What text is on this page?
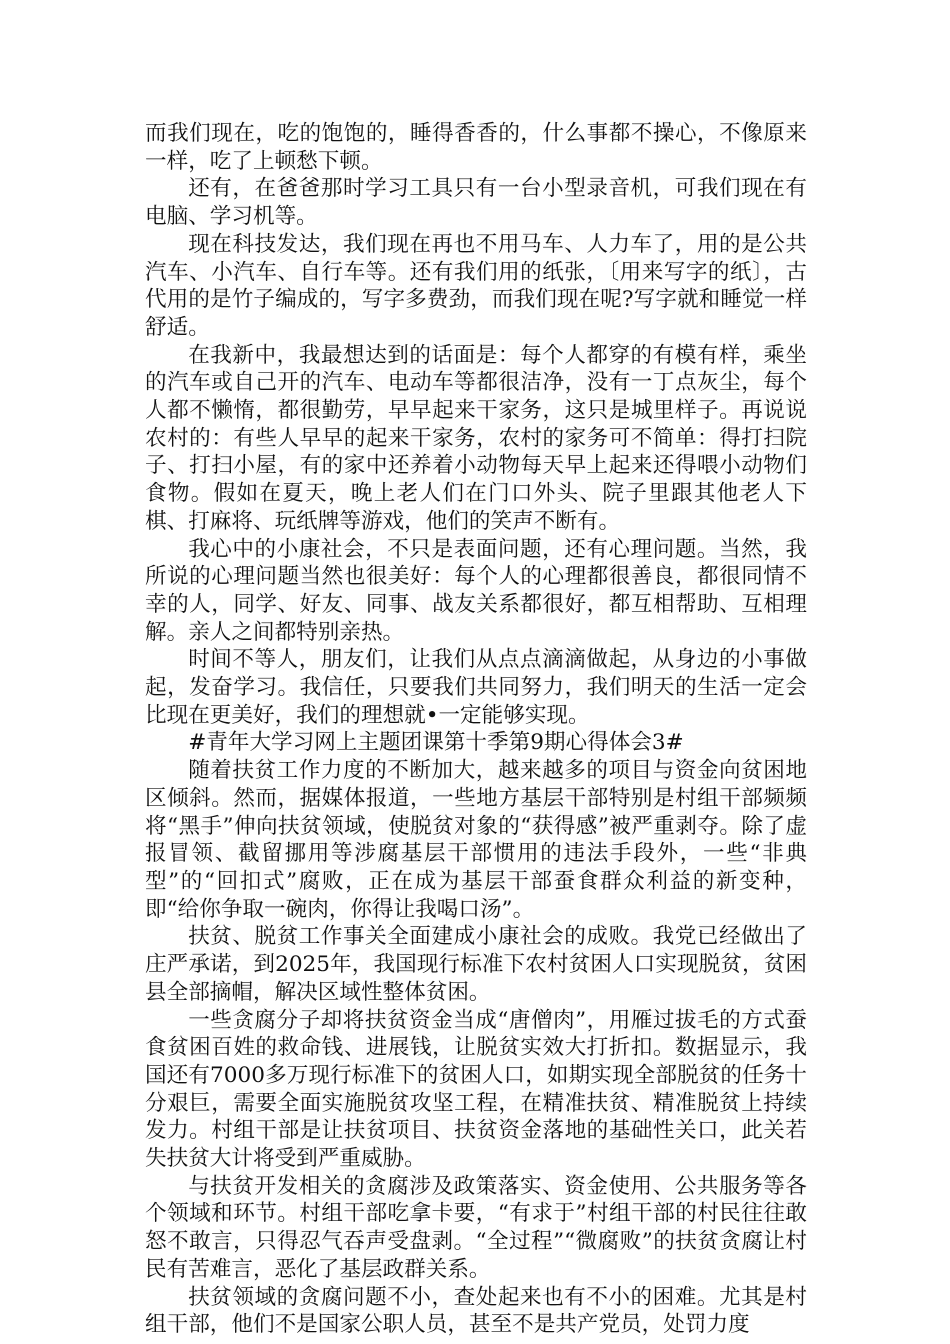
而我们现在，吃的饱饱的，睡得香香的，什么事都不操心，不像原来一样，吃了上顿愁下顿。

还有，在爸爸那时学习工具只有一台小型录音机，可我们现在有电脑、学习机等。

现在科技发达，我们现在再也不用马车、人力车了，用的是公共汽车、小汽车、自行车等。还有我们用的纸张，〔用来写字的纸〕，古代用的是竹子编成的，写字多费劲，而我们现在呢?写字就和睡觉一样舒适。

在我新中，我最想达到的话面是：每个人都穿的有模有样，乘坐的汽车或自己开的汽车、电动车等都很洁净，没有一丁点灰尘，每个人都不懒惰，都很勤劳，早早起来干家务，这只是城里样子。再说说农村的：有些人早早的起来干家务，农村的家务可不简单：得打扫院子、打扫小屋，有的家中还养着小动物每天早上起来还得喂小动物们食物。假如在夏天，晚上老人们在门口外头、院子里跟其他老人下棋、打麻将、玩纸牌等游戏，他们的笑声不断有。

我心中的小康社会，不只是表面问题，还有心理问题。当然，我所说的心理问题当然也很美好：每个人的心理都很善良，都很同情不幸的人，同学、好友、同事、战友关系都很好，都互相帮助、互相理解。亲人之间都特别亲热。

时间不等人，朋友们，让我们从点点滴滴做起，从身边的小事做起，发奋学习。我信任，只要我们共同努力，我们明天的生活一定会比现在更美好，我们的理想就•一定能够实现。

#青年大学习网上主题团课第十季第9期心得体会3#

随着扶贫工作力度的不断加大，越来越多的项目与资金向贫困地区倾斜。然而，据媒体报道，一些地方基层干部特别是村组干部频频将“黑手”伸向扶贫领域，使脱贫对象的“获得感”被严重剥夺。除了虚报冒领、截留挪用等涉腐基层干部惯用的违法手段外，一些“非典型”的“回扣式”腐败，正在成为基层干部蚕食群众利益的新变种，即“给你争取一碗肉，你得让我喝口汤”。

扶贫、脱贫工作事关全面建成小康社会的成败。我党已经做出了庄严承诺，到2025年，我国现行标准下农村贫困人口实现脱贫，贫困县全部摘帽，解决区域性整体贫困。

一些贪腐分子却将扶贫资金当成“唐僧肉”，用雁过拔毛的方式蚕食贫困百姓的救命钱、进展钱，让脱贫实效大打折扣。数据显示，我国还有7000多万现行标准下的贫困人口，如期实现全部脱贫的任务十分艰巨，需要全面实施脱贫攻坚工程，在精准扶贫、精准脱贫上持续发力。村组干部是让扶贫项目、扶贫资金落地的基础性关口，此关若失扶贫大计将受到严重威胁。

与扶贫开发相关的贪腐涉及政策落实、资金使用、公共服务等各个领域和环节。村组干部吃拿卡要，“有求于”村组干部的村民往往敢怒不敢言，只得忍气吞声受盘剥。“全过程”“微腐败”的扶贫贪腐让村民有苦难言，恶化了基层政群关系。

扶贫领域的贪腐问题不小，查处起来也有不小的困难。尤其是村组干部，他们不是国家公职人员，甚至不是共产党员，处罚力度
